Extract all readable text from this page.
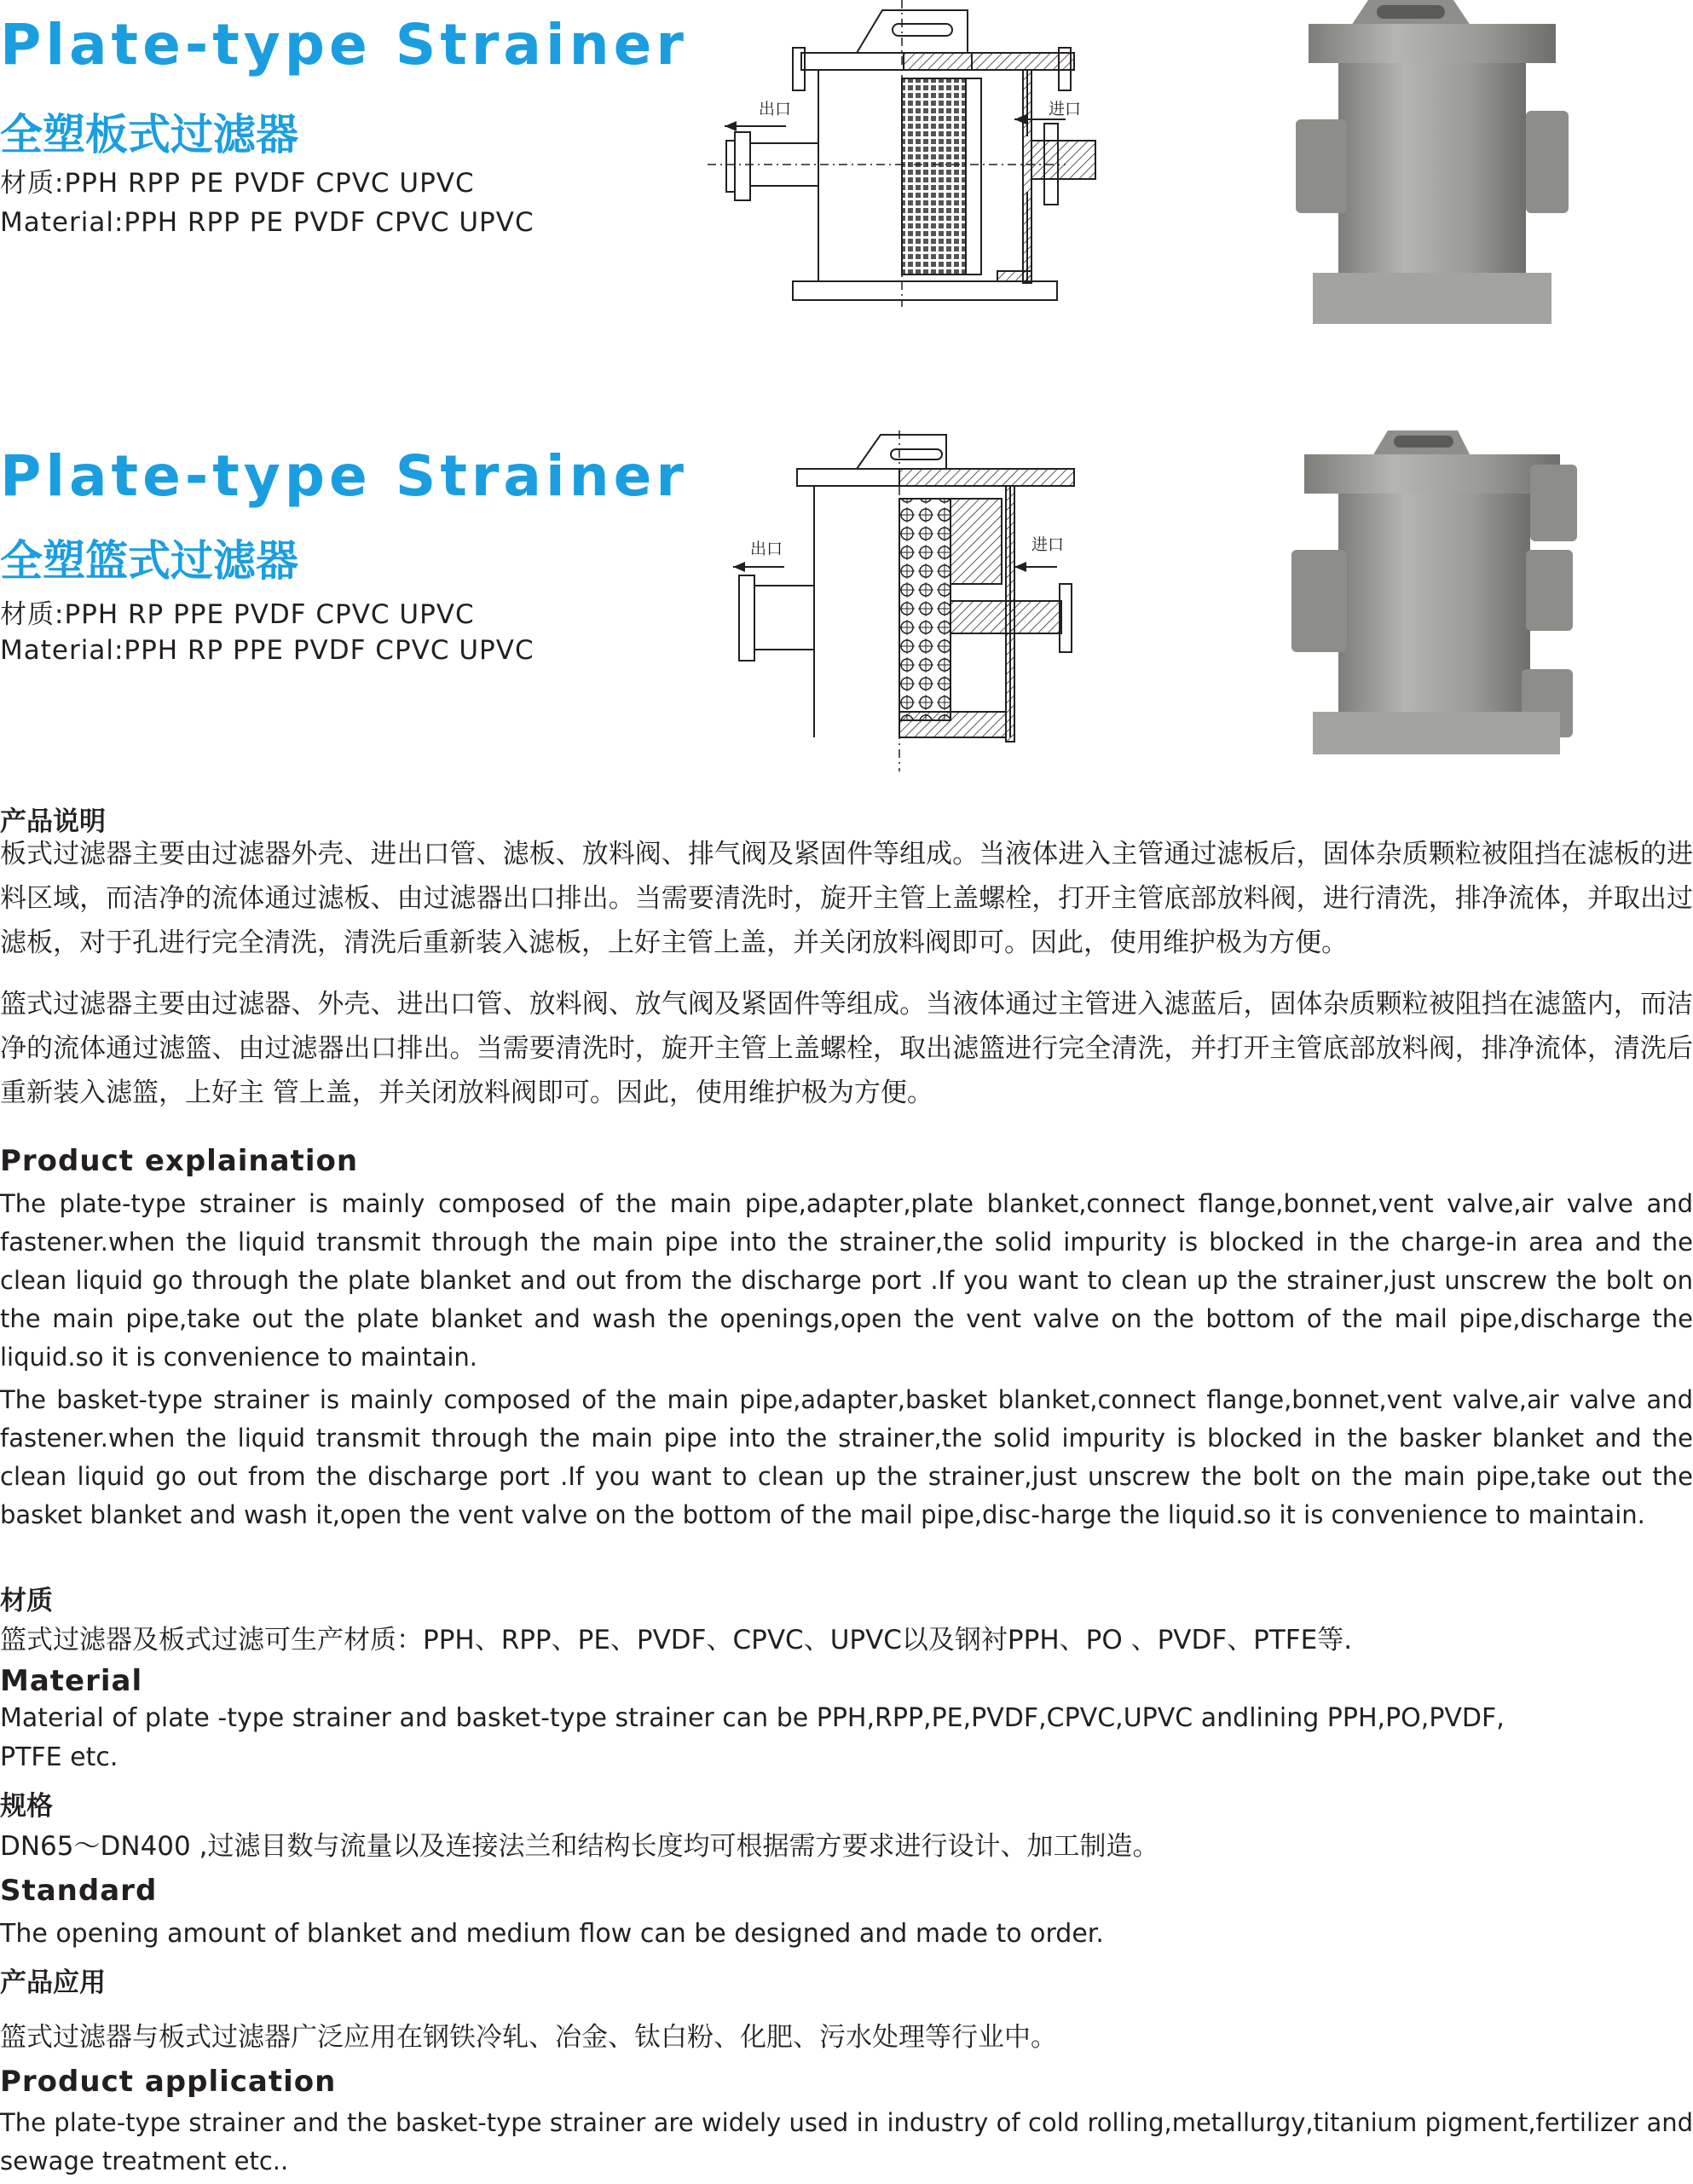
Plate-type Strainer
全塑板式过滤器
材质:PPH RPP PE PVDF CPVC UPVC
Material:PPH RPP PE PVDF CPVC UPVC
出口	进口
Plate-type Strainer
全塑篮式过滤器
材质:PPH RP PPE PVDF CPVC UPVC
Material:PPH RP PPE PVDF CPVC UPVC
出口	进口
产品说明
板式过滤器主要由过滤器外壳、进出口管、滤板、放料阀、排气阀及紧固件等组成。当液体进入主管通过滤板后，固体杂质颗粒被阻挡在滤板的进料区域，而洁净的流体通过滤板、由过滤器出口排出。当需要清洗时，旋开主管上盖螺栓，打开主管底部放料阀，进行清洗，排净流体，并取出过滤板，对于孔进行完全清洗，清洗后重新装入滤板，上好主管上盖，并关闭放料阀即可。因此，使用维护极为方便。
篮式过滤器主要由过滤器、外壳、进出口管、放料阀、放气阀及紧固件等组成。当液体通过主管进入滤蓝后，固体杂质颗粒被阻挡在滤篮内，而洁净的流体通过滤篮、由过滤器出口排出。当需要清洗时，旋开主管上盖螺栓，取出滤篮进行完全清洗，并打开主管底部放料阀，排净流体，清洗后重新装入滤篮，上好主 管上盖，并关闭放料阀即可。因此，使用维护极为方便。
Product explaination
The plate-type strainer is mainly composed of the main pipe,adapter,plate blanket,connect flange,bonnet,vent valve,air valve and fastener.when the liquid transmit through the main pipe into the strainer,the solid impurity is blocked in the charge-in area and the clean liquid go through the plate blanket and out from the discharge port .If you want to clean up the strainer,just unscrew the bolt on the main pipe,take out the plate blanket and wash the openings,open the vent valve on the bottom of the mail pipe,discharge the liquid.so it is convenience to maintain.
The basket-type strainer is mainly composed of the main pipe,adapter,basket blanket,connect flange,bonnet,vent valve,air valve and fastener.when the liquid transmit through the main pipe into the strainer,the solid impurity is blocked in the basker blanket and the clean liquid go out from the discharge port .If you want to clean up the strainer,just unscrew the bolt on the main pipe,take out the basket blanket and wash it,open the vent valve on the bottom of the mail pipe,disc-harge the liquid.so it is convenience to maintain.
材质
篮式过滤器及板式过滤可生产材质：PPH、RPP、PE、PVDF、CPVC、UPVC以及钢衬PPH、PO 、PVDF、PTFE等.
Material
Material of plate -type strainer and basket-type strainer can be PPH,RPP,PE,PVDF,CPVC,UPVC andlining PPH,PO,PVDF,
PTFE etc.
规格
DN65～DN400 ,过滤目数与流量以及连接法兰和结构长度均可根据需方要求进行设计、加工制造。
Standard
The opening amount of blanket and medium flow can be designed and made to order.
产品应用
篮式过滤器与板式过滤器广泛应用在钢铁冷轧、冶金、钛白粉、化肥、污水处理等行业中。
Product application
The plate-type strainer and the basket-type strainer are widely used in industry of cold rolling,metallurgy,titanium pigment,fertilizer and sewage treatment etc..
